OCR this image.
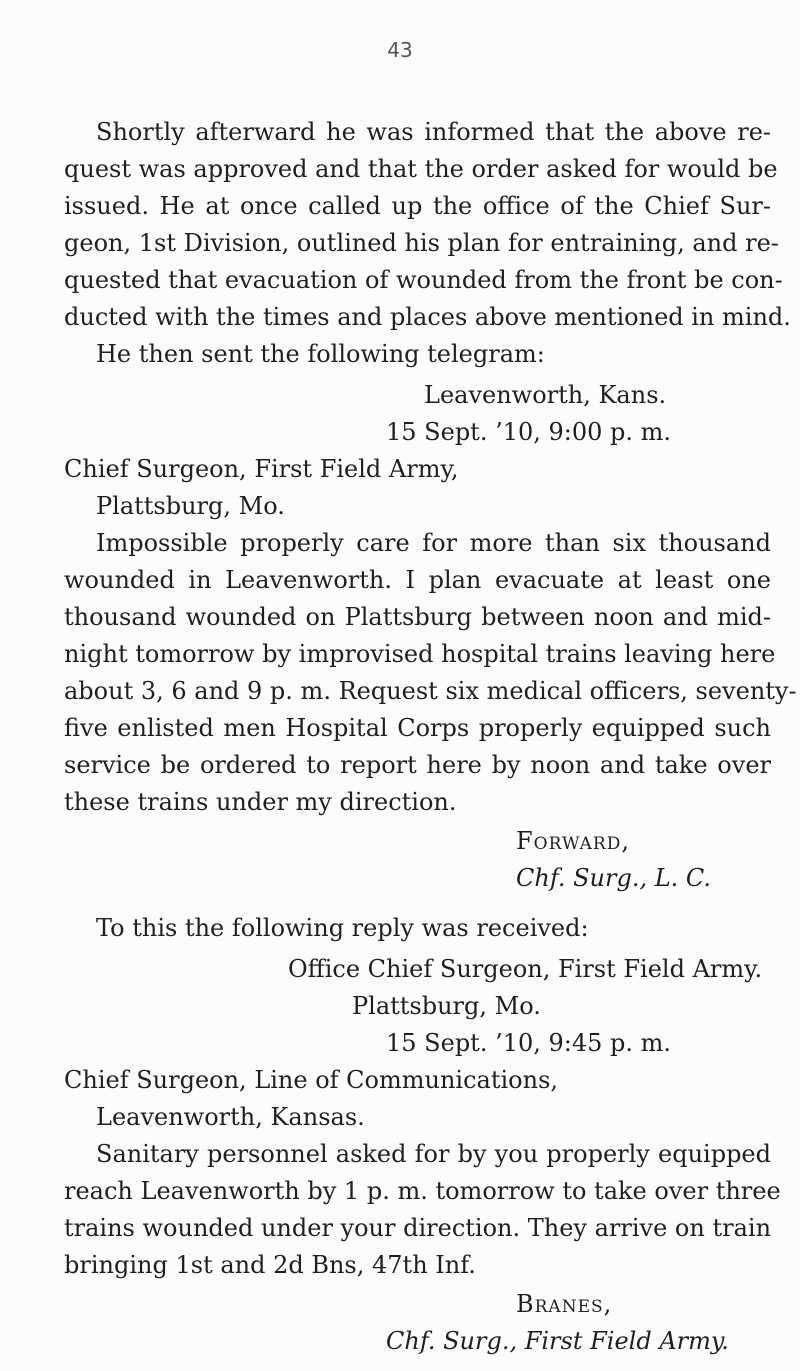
43
Shortly afterward he was informed that the above re-
quest was approved and that the order asked for would be
issued. He at once called up the office of the Chief Sur-
geon, 1st Division, outlined his plan for entraining, and re-
quested that evacuation of wounded from the front be con-
ducted with the times and places above mentioned in mind.
He then sent the following telegram:
Leavenworth, Kans.
15 Sept. ’10, 9:00 p. m.
Chief Surgeon, First Field Army,
Plattsburg, Mo.
Impossible properly care for more than six thousand
wounded in Leavenworth. I plan evacuate at least one
thousand wounded on Plattsburg between noon and mid-
night tomorrow by improvised hospital trains leaving here
about 3, 6 and 9 p. m. Request six medical officers, seventy-
five enlisted men Hospital Corps properly equipped such
service be ordered to report here by noon and take over
these trains under my direction.
Forward,
Chf. Surg., L. C.
To this the following reply was received:
Office Chief Surgeon, First Field Army.
Plattsburg, Mo.
15 Sept. ’10, 9:45 p. m.
Chief Surgeon, Line of Communications,
Leavenworth, Kansas.
Sanitary personnel asked for by you properly equipped
reach Leavenworth by 1 p. m. tomorrow to take over three
trains wounded under your direction. They arrive on train
bringing 1st and 2d Bns, 47th Inf.
Branes,
Chf. Surg., First Field Army.
